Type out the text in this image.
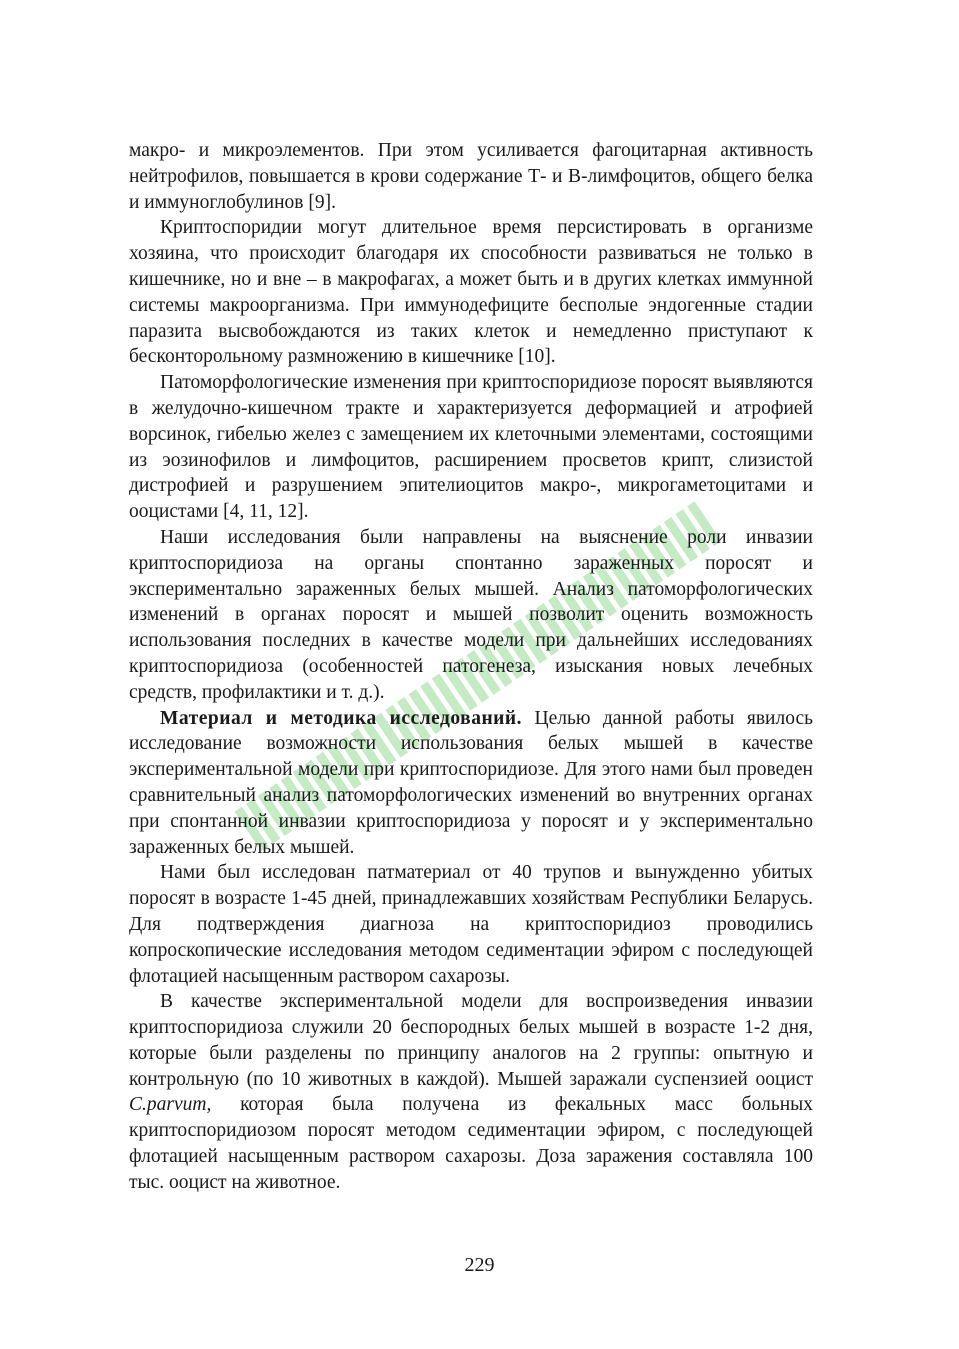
макро- и микроэлементов. При этом усиливается фагоцитарная активность нейтрофилов, повышается в крови содержание Т- и В-лимфоцитов, общего белка и иммуноглобулинов [9].

Криптоспоридии могут длительное время персистировать в организме хозяина, что происходит благодаря их способности развиваться не только в кишечнике, но и вне – в макрофагах, а может быть и в других клетках иммунной системы макроорганизма. При иммунодефиците бесполые эндогенные стадии паразита высвобождаются из таких клеток и немедленно приступают к бесконторольному размножению в кишечнике [10].

Патоморфологические изменения при криптоспоридиозе поросят выявляются в желудочно-кишечном тракте и характеризуется деформацией и атрофией ворсинок, гибелью желез с замещением их клеточными элементами, состоящими из эозинофилов и лимфоцитов, расширением просветов крипт, слизистой дистрофией и разрушением эпителиоцитов макро-, микрогаметоцитами и ооцистами [4, 11, 12].

Наши исследования были направлены на выяснение роли инвазии криптоспоридиоза на органы спонтанно зараженных поросят и экспериментально зараженных белых мышей. Анализ патоморфологических изменений в органах поросят и мышей позволит оценить возможность использования последних в качестве модели при дальнейших исследованиях криптоспоридиоза (особенностей патогенеза, изыскания новых лечебных средств, профилактики и т. д.).

Материал и методика исследований. Целью данной работы явилось исследование возможности использования белых мышей в качестве экспериментальной модели при криптоспоридиозе. Для этого нами был проведен сравнительный анализ патоморфологических изменений во внутренних органах при спонтанной инвазии криптоспоридиоза у поросят и у экспериментально зараженных белых мышей.

Нами был исследован патматериал от 40 трупов и вынужденно убитых поросят в возрасте 1-45 дней, принадлежавших хозяйствам Республики Беларусь. Для подтверждения диагноза на криптоспоридиоз проводились копроскопические исследования методом седиментации эфиром с последующей флотацией насыщенным раствором сахарозы.

В качестве экспериментальной модели для воспроизведения инвазии криптоспоридиоза служили 20 беспородных белых мышей в возрасте 1-2 дня, которые были разделены по принципу аналогов на 2 группы: опытную и контрольную (по 10 животных в каждой). Мышей заражали суспензией ооцист C.parvum, которая была получена из фекальных масс больных криптоспоридиозом поросят методом седиментации эфиром, с последующей флотацией насыщенным раствором сахарозы. Доза заражения составляла 100 тыс. ооцист на животное.

229
